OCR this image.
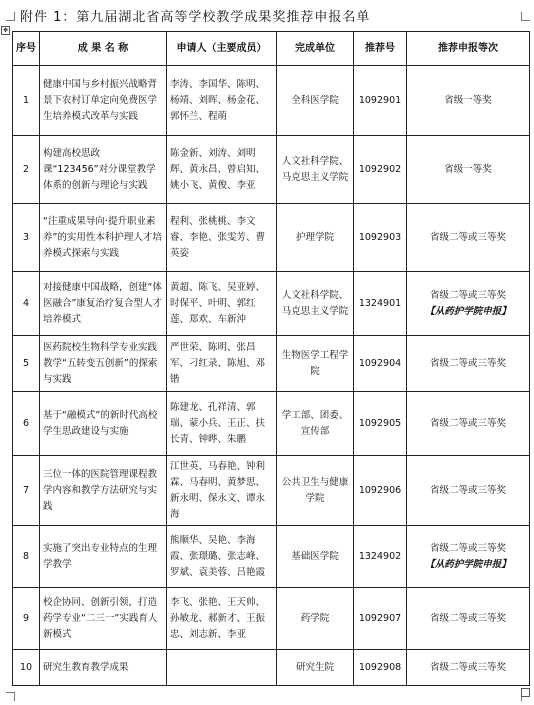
✥
附件 1：第九届湖北省高等学校教学成果奖推荐申报名单
序号	成 果 名 称	申请人（主要成员）	完成单位	推荐号	推荐申报等次
1	健康中国与乡村振兴战略背景下农村订单定向免费医学生培养模式改革与实践	李涛、李国华、陈明、杨靖、刘晖、杨金花、郭怀兰、程萌	全科医学院	1092901	省级一等奖

2	构建高校思政课“123456”对分课堂教学体系的创新与理论与实践	陈金新、刘涛、刘明辉、黄永昌、曾启知、姚小飞、黄俊、李亚	人文社科学院、马克思主义学院	1092902	省级一等奖

3	“注重成果导向·提升职业素养”的实用性本科护理人才培养模式探索与实践	程利、张桃桃、李文睿、李艳、张雯芳、曹英姿	护理学院	1092903	省级二等或三等奖

4	对接健康中国战略，创建“体医融合”康复治疗复合型人才培养模式	黄超、陈飞、吴亚婷、时保平、叶明、郭红莲、郑欢、车新沖	人文社科学院、马克思主义学院	1324901	省级二等或三等奖
【从药护学院申报】

5	医药院校生物科学专业实践教学“五转变五创新”的探索与实践	严世荣、陈明、张昌军、刁红录、陈旭、邓锴	生物医学工程学院	1092904	省级二等或三等奖

6	基于“融模式”的新时代高校学生思政建设与实施	陈建龙、孔祥清、郭瑞、蒙小兵、王正、扶长青、钟晔、朱鹏	学工部、团委、宣传部	1092905	省级二等或三等奖

7	三位一体的医院管理课程教学内容和教学方法研究与实践	江世英、马春艳、钟利霖、马春明、黄梦思、新永明、保永文、谭永海	公共卫生与健康学院	1092906	省级二等或三等奖

8	实施了突出专业特点的生理学教学	熊顺华、吴艳、李海霞、张璟璐、张志峰、罗斌、袁美蓉、吕艳霞	基础医学院	1324902	省级二等或三等奖
【从药护学院申报】

9	校企协同、创新引领，打造药学专业“二三一”实践育人新模式	李飞、张艳、王天帅、孙敏龙、郝新才、王振忠、刘志新、李亚	药学院	1092907	省级二等或三等奖

10	研究生教育教学成果		研究生院	1092908	省级二等或三等奖
